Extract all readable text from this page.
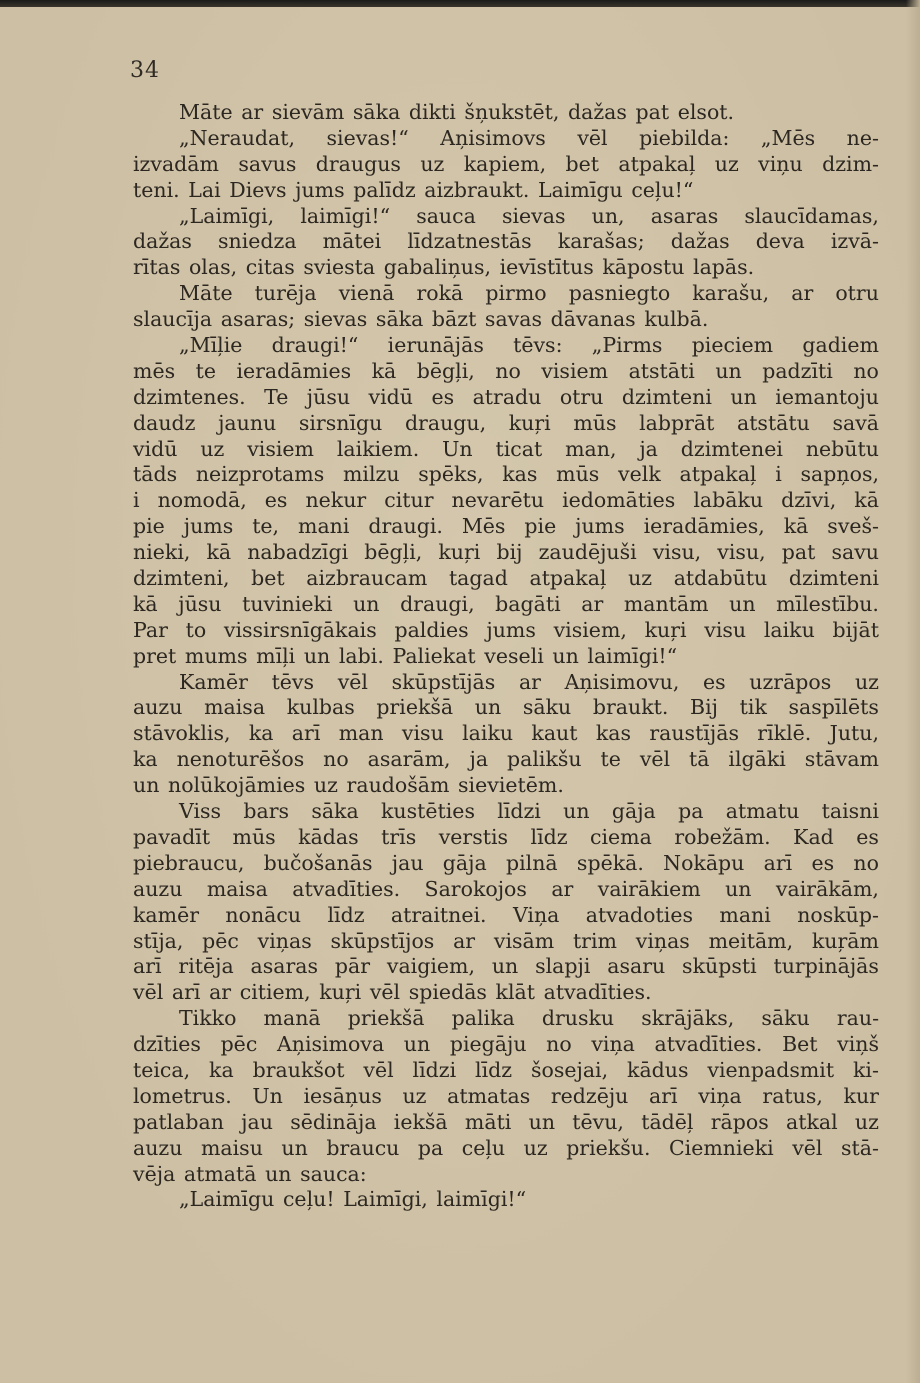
34
Māte ar sievām sāka dikti šņukstēt, dažas pat elsot.
„Neraudat, sievas!“ Aņisimovs vēl piebilda: „Mēs ne-
izvadām savus draugus uz kapiem, bet atpakaļ uz viņu dzim-
teni. Lai Dievs jums palīdz aizbraukt. Laimīgu ceļu!“
„Laimīgi, laimīgi!“ sauca sievas un, asaras slaucīdamas,
dažas sniedza mātei līdzatnestās karašas; dažas deva izvā-
rītas olas, citas sviesta gabaliņus, ievīstītus kāpostu lapās.
Māte turēja vienā rokā pirmo pasniegto karašu, ar otru
slaucīja asaras; sievas sāka bāzt savas dāvanas kulbā.
„Mīļie draugi!“ ierunājās tēvs: „Pirms pieciem gadiem
mēs te ieradāmies kā bēgļi, no visiem atstāti un padzīti no
dzimtenes. Te jūsu vidū es atradu otru dzimteni un iemantoju
daudz jaunu sirsnīgu draugu, kuŗi mūs labprāt atstātu savā
vidū uz visiem laikiem. Un ticat man, ja dzimtenei nebūtu
tāds neizprotams milzu spēks, kas mūs velk atpakaļ i sapņos,
i nomodā, es nekur citur nevarētu iedomāties labāku dzīvi, kā
pie jums te, mani draugi. Mēs pie jums ieradāmies, kā sveš-
nieki, kā nabadzīgi bēgļi, kuŗi bij zaudējuši visu, visu, pat savu
dzimteni, bet aizbraucam tagad atpakaļ uz atdabūtu dzimteni
kā jūsu tuvinieki un draugi, bagāti ar mantām un mīlestību.
Par to vissirsnīgākais paldies jums visiem, kuŗi visu laiku bijāt
pret mums mīļi un labi. Paliekat veseli un laimīgi!“
Kamēr tēvs vēl skūpstījās ar Aņisimovu, es uzrāpos uz
auzu maisa kulbas priekšā un sāku braukt. Bij tik saspīlēts
stāvoklis, ka arī man visu laiku kaut kas raustījās rīklē. Jutu,
ka nenoturēšos no asarām, ja palikšu te vēl tā ilgāki stāvam
un nolūkojāmies uz raudošām sievietēm.
Viss bars sāka kustēties līdzi un gāja pa atmatu taisni
pavadīt mūs kādas trīs verstis līdz ciema robežām. Kad es
piebraucu, bučošanās jau gāja pilnā spēkā. Nokāpu arī es no
auzu maisa atvadīties. Sarokojos ar vairākiem un vairākām,
kamēr nonācu līdz atraitnei. Viņa atvadoties mani noskūp-
stīja, pēc viņas skūpstījos ar visām trim viņas meitām, kuŗām
arī ritēja asaras pār vaigiem, un slapji asaru skūpsti turpinājās
vēl arī ar citiem, kuŗi vēl spiedās klāt atvadīties.
Tikko manā priekšā palika drusku skrājāks, sāku rau-
dzīties pēc Aņisimova un piegāju no viņa atvadīties. Bet viņš
teica, ka braukšot vēl līdzi līdz šosejai, kādus vienpadsmit ki-
lometrus. Un iesāņus uz atmatas redzēju arī viņa ratus, kur
patlaban jau sēdināja iekšā māti un tēvu, tādēļ rāpos atkal uz
auzu maisu un braucu pa ceļu uz priekšu. Ciemnieki vēl stā-
vēja atmatā un sauca:
„Laimīgu ceļu! Laimīgi, laimīgi!“
